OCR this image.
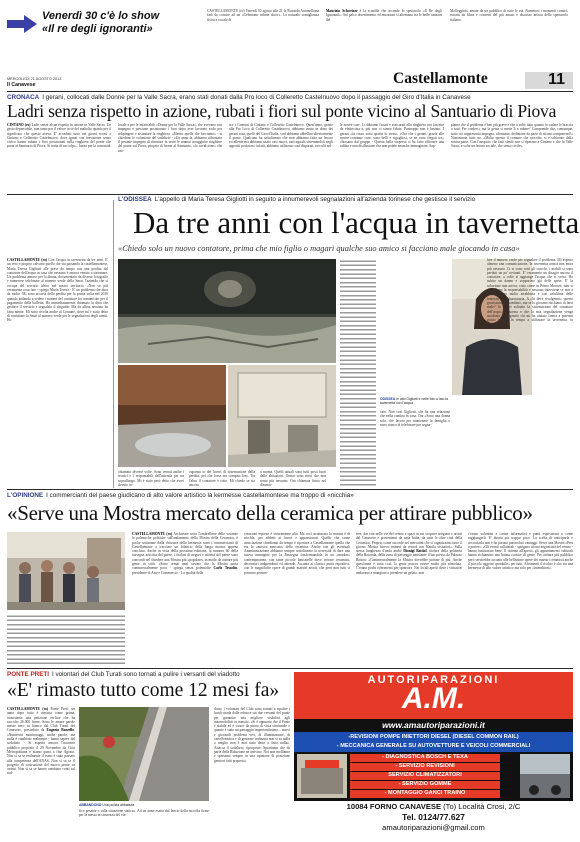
Venerdì 30 c'è lo show
«Il re degli ignoranti»
CASTELLAMONTE (ro) Venerdì 30 agosto alle 21 la Rotonda Antonelliana farà da cornice ad un «Celentano tribute show». La naturale somiglianza fisica e vocale di
Maurizio Schweizer è la scintilla che accende lo spettacolo «Il Re degli Ignoranti». Sul palco divertimento ed emozioni si alternano tra le belle canzoni del
Molleggiato, amate da un pubblico di tutte le età. Numerosi i momenti comici, estratti da films e concerti del più amato e discusso artista dello spettacolo italiano.
MERCOLEDÌ 21 AGOSTO 2013
Il Canavese	Castellamonte	11
CRONACA I gerani, collocati dalle Donne per la Valle Sacra, erano stati donati dalla Pro loco di Colleretto Castelnuovo dopo il passaggio del Giro d'Italia in Canavese
Ladri senza rispetto in azione, rubati i fiori sul ponte vicino al Santuario di Piova
CINTANO (ro) Ladri senza alcun rispetto in azione in Valle Sacra. Un gesto deprecabile, non tanto per il valore in sé del maltolto quanto per il significato che questo aveva. E' accaduto tutto nei giorni scorsi a Cintano e Colleretto Castelnuovo, dove ignoti con inesistente senso civico hanno rubato i fiori posizionati sulla ringhiera del ponte che porta al Santuario di Piova. Si tratta di un colpo... basso per la comunità
locale e per le infaticabili «Donne per la Valle Sacra», che avevano con impegno e passione posizionato i fiori dopo aver lavorato sodo per ridipingere e sistemare la ringhiera. «Mettiti quelle che facciamo» - si chiedono le volontarie del sodalizio - «Un anno fa, abbiamo affrontato il pesante impegno di ritornare in sesto le oramai arrugginite ringhiere del ponte sul Piova, proprio di fronte al Santuario, «lo cavalcione» che uni-
sce i Comuni di Cintano e Colleretto Castelnuovo. Quest'anno, grazie alla Pro Loco di Colleretto Castelnuovo, abbiamo avuto in dono dei gerani rosa, quelli del Giro d'Italia, così abbiamo abbellito ulteriormente il ponte. Qualcuno ha sottolineato che non abbiamo fatto un lavoro eccellente ma abbiamo usato vasi nuovi, tutti uguali, sistemandoli negli appositi portavasi; infatti, abbiamo utilizzato vasi disparati, raccolti nel-
le nostre case. Li abbiamo fissati e assicurati alla ringhiera con fascette da elettricista e, più non ci siamo fidate. Purtroppo non è bastato. I gerani «in rosa» sono spariti lo stesso. «Ora che i gerani, grazie alle nostre continue cure, sono belli e rigogliosi, se ne sono fregati tre» chiosano dal gruppo - Questa bella sorpresa ci ha fatto affiorare una rabbia e una disillusione che non potete neanche immaginare. Sap-
piamo che il problema è ben più grave e che a volte tutto quanto fa cadere le braccia a tutti. Per crederci, ma la gente si mette lì a rubare? Comprende che, comunque, tutto ciò rappresenta impegno, altruismo, dedizione da parte di alcuni componenti?» Nonostante tutto no. «Molto questo il comune che raccolto, si è schierato dalla nostra parte. Con l'auspicio che fatti simili non si ripetano a Cintano e che la Valle Sacra, a volte un lavoro sociale, che senso civile».
L'ODISSEA L'appello di Maria Teresa Gigliotti in seguito a innumerevoli segnalazioni all'azienda torinese che gestisce il servizio
Da tre anni con l'acqua in tavernetta
«Chiedo solo un nuovo contatore, prima che mio figlio o magari qualche suo amico si facciano male giocando in casa»
CASTELLAMONTE (ro) Con l'acqua in tavernetta da tre anni. E' un vero e proprio calvario quello che sta passando la castellamontese, Maria Teresa Gigliotti alle prese da tempo con una perdita dal contatore dell'acqua in casa che nessuno è ancora venuto a sistemare. Un problema annoso per la donna, documentato da diverse fotografie e numerose telefonate al numero verde della Smat, l'azienda che si occupa del servizio idrico nel nostro territorio. «Non so più veramente cosa fare - spiega Maria Teresa - E' un problema che dura da molto. Mi sono accorta della perdita per la prima volta nel 2010 quando andando a vedere i numeri del contatore ha comunicato per il pagamento della bolletta. Ho immediatamente chiamato la ditta che gestisce il servizio e segnalato il disguido. Ma da allora nessuno ha fatto niente. Mi sono rivolta anche al Comune, dove mi è stato detto di contattare la Smat al numero verde per le segnalazioni degli utenti. Ho
ODISSEA In alto Gigliotti e nelle foto a lato la tavernetta con l'acqua
chiamato diverse volte. Sono venuti anche i tecnici e i responsabili dell'azienda per un sopralluogo. Mi è stato però detto che avrei dovuto oc-
cuparmi io dei lavori di sistemazione della perdita, poi che forse era compito loro. Tra l'altro il contatore è rotto. Mi chiedo se sia ancora
a norma. Quelli attuali sono tutti posti fuori dalle abitazioni. Ormai sono mesi che non sento più nessuno. Ora chiamata finita nel dimenti-
cato. Non cosi Gigliotti, che ha una relazione che nella cantina in casa. Ora «Sono una donna sola, che lavora per mantenere la famiglia e sono stanca di telefonare per segna-
lare il numero verde per segnalare il problema. Mi aspetto almeno una comunicazione. In tavernetta ormai non entra più nessuno. Ci si sono rotti gli stucchi, i mobili si sono perduti un po' rovinati. E' veramente un disagio ancora il contatore, a volte si aggiunge l'acqua che si versa. Ho subito un danno e sopportato già delle spese. E' la soluzione non arriva, visto come in Prima Moravit, tutti si rimpallano la responsabilità e nessuno interviene se non a parole. Sono molto arrabbiata e con un'ultima delle lentezza della burocrazia. A chi deve rivolgermi» questo gravissimo un bambino, ma se lo giocano rischiano di farsi male? Io vorrei soltanto la sistemazione del contatore dell'acqua in norma e che la mia segnalazione venga ascoltata. E ringrazio chi mi ha aiutato finora a potermi giusto meglio in tempo a utilizzare la tavernetta, in sicurezza».
L'OPINIONE I commercianti del paese giudicano di alto valore artistico la kermesse castellamontese ma troppo di «nicchia»
«Serve una Mostra mercato della ceramica per attirare pubblico»
CASTELLAMONTE (ro) Archiviate sotto l'ombrellone delle vacanze le polemiche politiche sull'andamento della Mostra della Ceramica, è poche settimane dalla chiusura della kermesse sono i commercianti di Castellamonte a tracciare un bilancio della lunga mostra appena conclusa. Anche in vista della prossima edizione, la numero 60 della rassegna artistica del paese, i titolari di negozi e attività del paese sono concordi nel chiedere una Mostra più «popolare» in modo da attirare più gente in città. «Sono ormai anni orsono che la Mostra porta commercialmente poco - spiega senza polemiche Carlo Tessolin, presidente di Arte e Commercio - La qualità delle
creazioni esposte è sicuramente alta. Ma così strutturata la mostra è di nicchia, per addetti ai lavori e appassionati. Quello che come associazione chiediamo da tempo è riportare a Castellamonte quella che era la «mostra mercato» della ceramica. Anche con gli eventuali Amministrazione abbiamo sempre sottolineato la necessità di dare una nuova immagine per la Rassegna trasformandola in un «market» contemporaneo, con tante piccole bancarelle dove trovare ceramisti, decoratori indipendenti ed aziende. Accanto ai classici punti espositivi, con le magnifiche opere di grandi maestri artisti, che però non tutti si possono permet-
tere, dar vita nelle vie del centro a spazi in cui scoprire artigiani e artisti del Canavese e provenienti da tutta Italia, da tutte le altre città della Ceramica. Proprio come succede nei mercatini che si organizzano tutto il giorno. Mostra facevo numeri da record con 60mila visitatori». Sulla stessa lunghezza d'onda anche Dionigi Battiol, titolare della gelateria della Rotonda, della zona di passeggio antistante il bar presso da Palazzo Botton: «Commercialmente la Mostra dovrebbe portare di più. Anche quest'anno è stata così, la gente poteva essere molto più stimolata. C'erano pochi riferimenti per sponsors. Nei locali aperti dove i visitatori andavano a mangiare o prendere un gelato, non
c'erano volantini e carine informativi e punti esposizioni o come raggiungerli. E' durata poi troppo poco. La scelta di anticiparla e accorciarla non è ha portato particolari vantaggi. Serve una Mostra «Pret a porter». «Gli eventi collaterali - spiegano alcuni negozianti del centro - hanno funzionato bene. Il cinema all'aperto, gli appuntamenti culturali hanno richiamato una buona cornice di gente. Per attirare più pubblico però servirebbe accanto alle bellissime opere dei maestri ceramisti anche il piccolo oggetto «potabile» per tutti. Altrimenti il rischio è che sia una kermesse di alto valore artistico ma solo per «intenditori».
PONTE PRETI I volontari del Club Turati sono tornati a pulire i versanti del viadotto
«E' rimasto tutto come 12 mesi fa»
CASTELLAMONTE (ro) Ponte Preti: un anno dopo tutto è rimasto come prima, nonostante una petizione on-line che ha raccolto 26.000 firme. Sono le amare parole messe nero su bianco dal Club Turati dei Canavese, presieduto da Eugenio Bozzello. «Numerosi monitoraggi, molte parole, ma nulla è cambiato realmente - fanno sapere dal sodalizio - Si aspetta ancora l'incontro pubblico proposto il 29 Novembre da Città Metropolitana e siamo quasi a fine Agosto. Non si sa se realmente il tratto è stato passato alla competenza dell'ANAS. Non si sa se il progetto di costruzione del nuovo ponte va avanti. Non si sa se hanno cambiato conti sul traf-
ABBANDONO Una pulizia abbattuta
fico pesante o sulla situazione statica». Ad un anno esatto dal lancio della raccolta firme per la messa in sicurezza del via-
dotto, i volontari del Club sono tornati a ripulire i bordi strada dalle erbacce sui due versanti del ponte per garantire una migliore visibilità agli automobilisti in transito. «Si è appurato che il Ponte è stabile ed è sicuro da punto di vista strutturale e quanto è stato un passaggio importantissimo... nuovi e giovanili problemi vivi, di illuminazione, di cartellonistica e di gestione ordinaria non si sa nulla o meglio non è mai stato detto o fatto nulla». Attacca il sodalizio, riproposte. Sportiamo che da parte della Riduzione ne arrivino. Noi non molliamo e speriamo sempre in uno opinione di posizione genitori fatti proposti».
AUTORIPARAZIONI
A.M.
www.amautoriparazioni.it
-REVISIONI POMPE INIETTORI DIESEL (DIESEL COMMON RAIL)
- MECCANICA GENERALE SU AUTOVETTURE E VEICOLI COMMERCIALI
- DIAGNOSTICA BOSCH E TEXA
- SERVIZIO REVISIONI
SERVIZIO CLIMATIZZATORI
- SERVIZIO GOMME
- MONTAGGIO GANCI TRAINO
10084 FORNO CANAVESE (To) Località Crosi, 2/C
Tel. 0124/77.627
amautoriparazioni@gmail.com
